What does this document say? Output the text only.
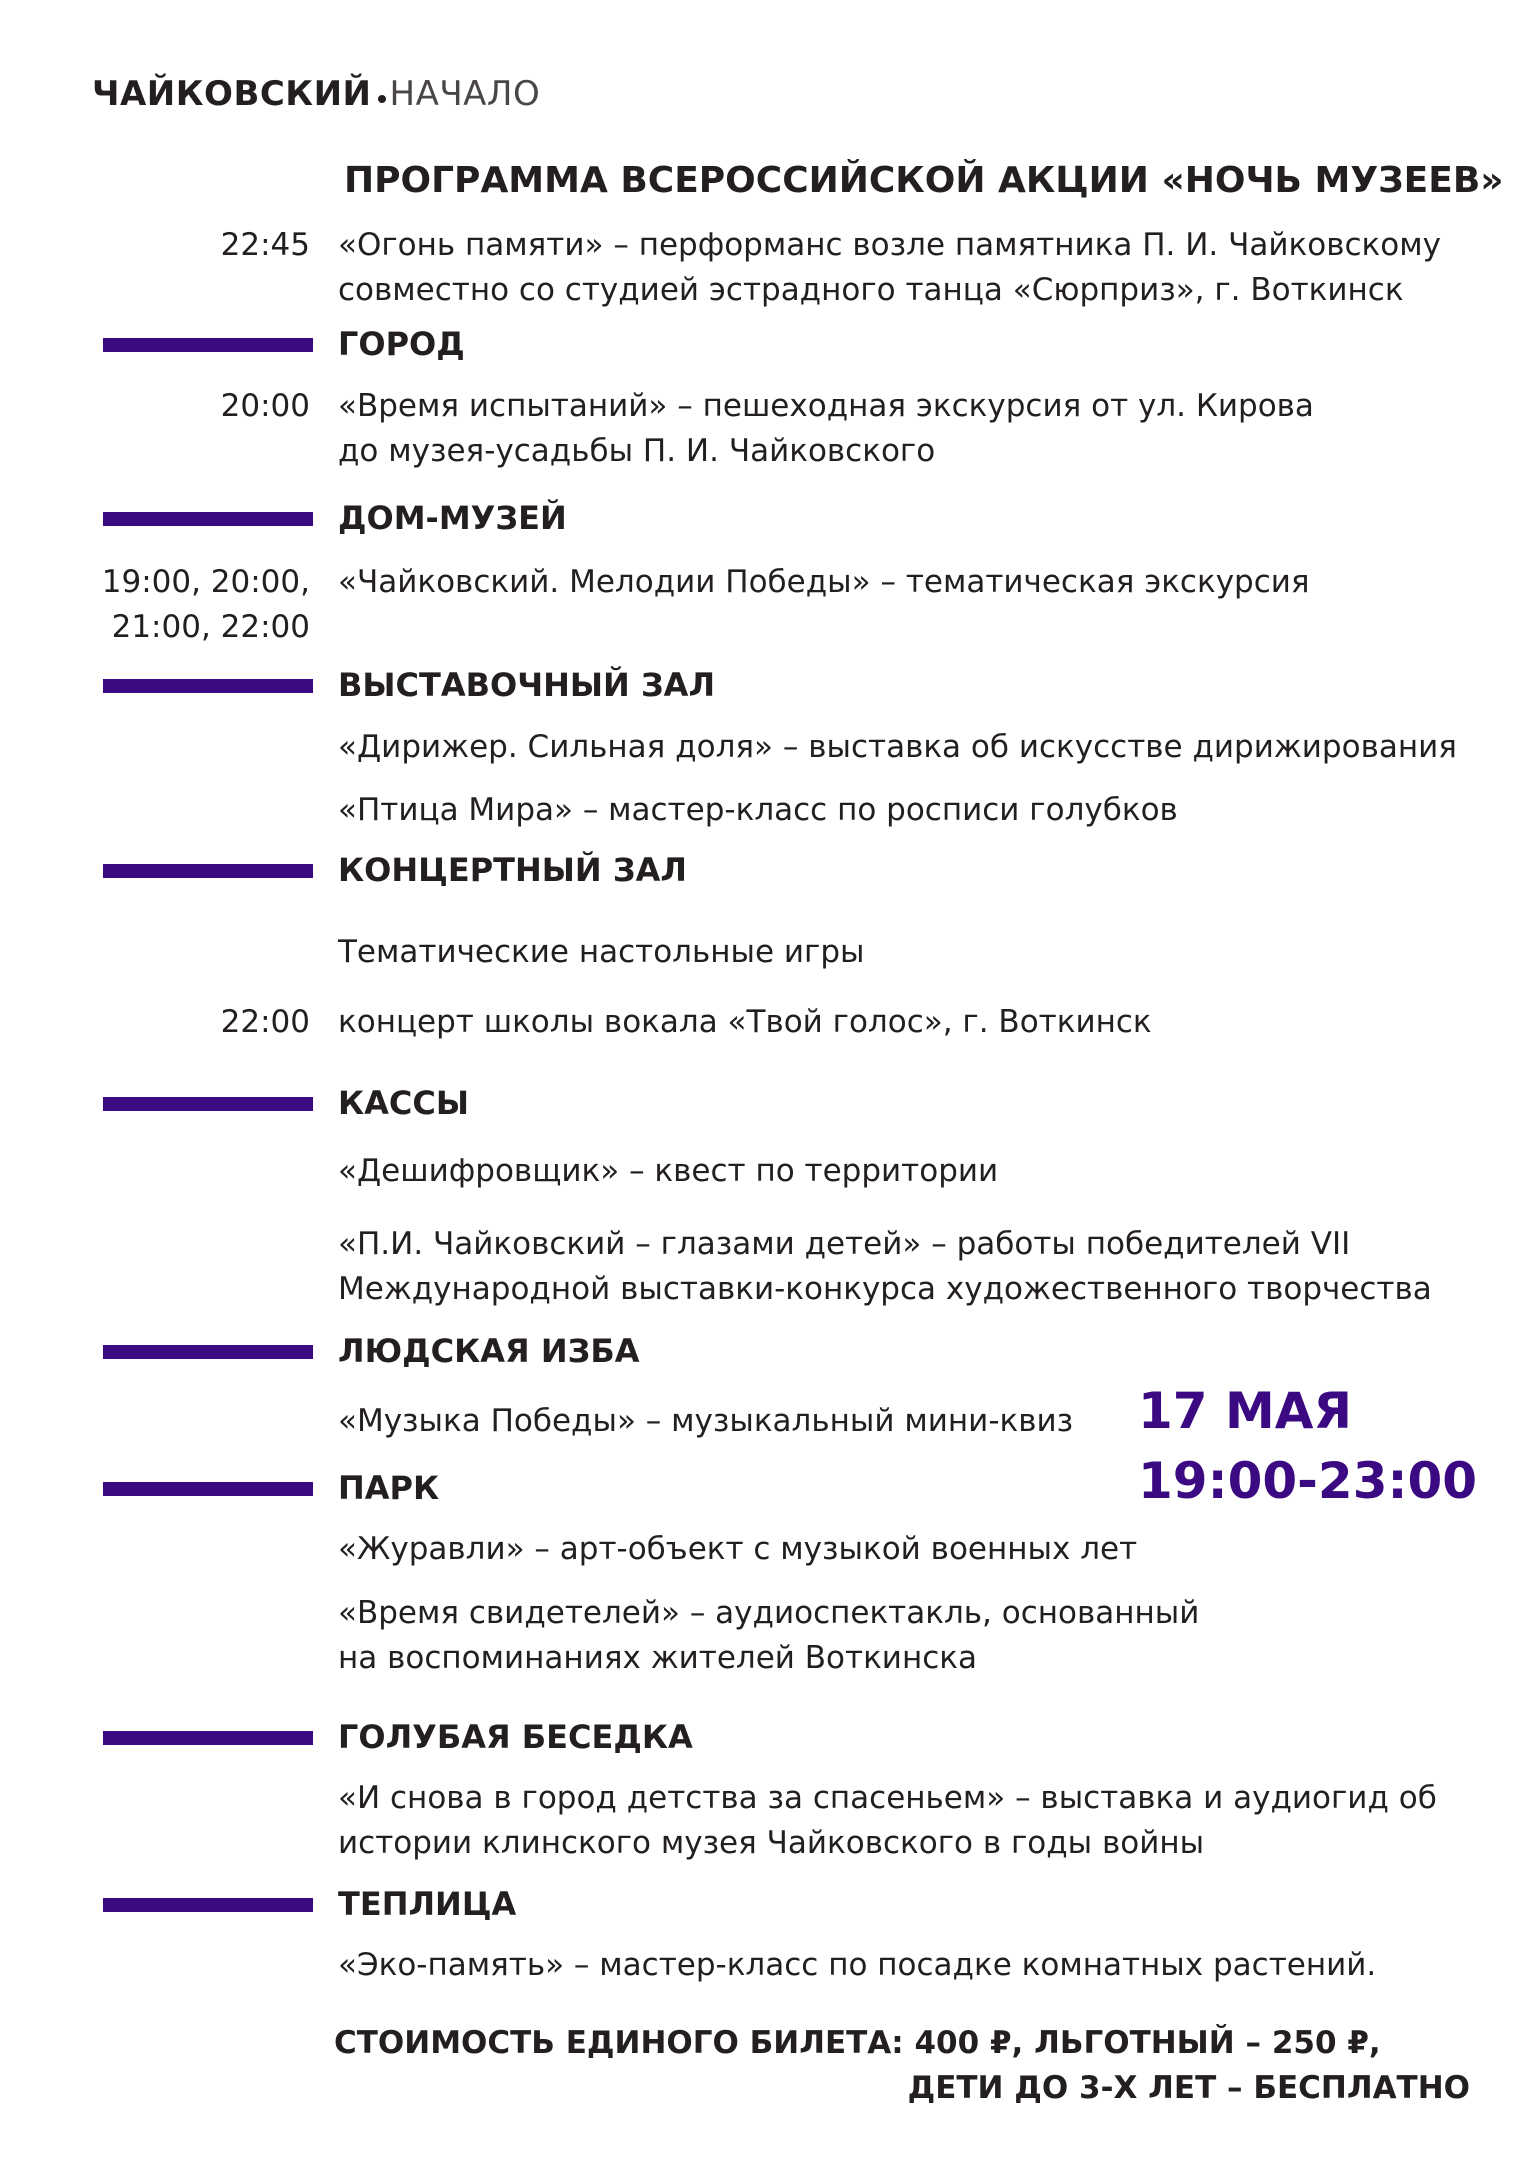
ЧАЙКОВСКИЙ НАЧАЛО
ПРОГРАММА ВСЕРОССИЙСКОЙ АКЦИИ «НОЧЬ МУЗЕЕВ»
22:45 «Огонь памяти» – перформанс возле памятника П. И. Чайковскому
совместно со студией эстрадного танца «Сюрприз», г. Воткинск
ГОРОД
20:00 «Время испытаний» – пешеходная экскурсия от ул. Кирова
до музея-усадьбы П. И. Чайковского
ДОМ-МУЗЕЙ
19:00, 20:00,
21:00, 22:00
«Чайковский. Мелодии Победы» – тематическая экскурсия
ВЫСТАВОЧНЫЙ ЗАЛ
«Дирижер. Сильная доля» – выставка об искусстве дирижирования
«Птица Мира» – мастер-класс по росписи голубков
КОНЦЕРТНЫЙ ЗАЛ
Тематические настольные игры
22:00 концерт школы вокала «Твой голос», г. Воткинск
КАССЫ
«Дешифровщик» – квест по территории
«П.И. Чайковский – глазами детей» – работы победителей VII
Международной выставки-конкурса художественного творчества
ЛЮДСКАЯ ИЗБА
«Музыка Победы» – музыкальный мини-квиз 17 МАЯ
19:00-23:00
ПАРК
«Журавли» – арт-объект с музыкой военных лет
«Время свидетелей» – аудиоспектакль, основанный
на воспоминаниях жителей Воткинска
ГОЛУБАЯ БЕСЕДКА
«И снова в город детства за спасеньем» – выставка и аудиогид об
истории клинского музея Чайковского в годы войны
ТЕПЛИЦА
«Эко-память» – мастер-класс по посадке комнатных растений.
СТОИМОСТЬ ЕДИНОГО БИЛЕТА: 400 ₽, ЛЬГОТНЫЙ – 250 ₽,
ДЕТИ ДО 3-Х ЛЕТ – БЕСПЛАТНО
